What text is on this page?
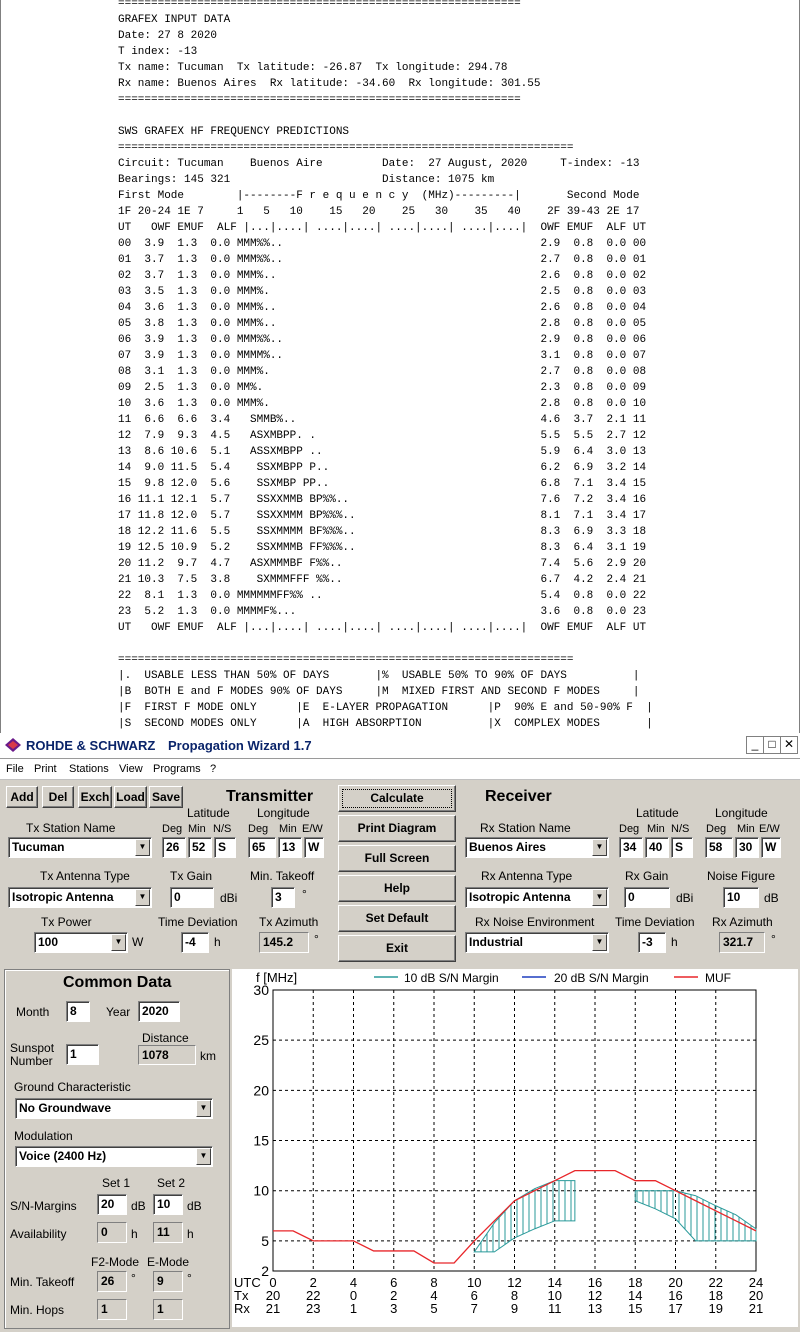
=============================================================
GRAFEX INPUT DATA
Date: 27 8 2020
T index: -13
Tx name: Tucuman  Tx latitude: -26.87  Tx longitude: 294.78
Rx name: Buenos Aires  Rx latitude: -34.60  Rx longitude: 301.55
=============================================================

SWS GRAFEX HF FREQUENCY PREDICTIONS
=====================================================================
Circuit: Tucuman    Buenos Aire         Date:  27 August, 2020     T-index: -13
Bearings: 145 321                       Distance: 1075 km
First Mode        |--------F r e q u e n c y  (MHz)---------|       Second Mode
1F 20-24 1E 7     1   5   10    15   20    25   30    35   40    2F 39-43 2E 17
UT   OWF EMUF  ALF |...|....| ....|....| ....|....| ....|....|  OWF EMUF  ALF UT
00  3.9  1.3  0.0 MMM%%..                                       2.9  0.8  0.0 00
01  3.7  1.3  0.0 MMM%%..                                       2.7  0.8  0.0 01
02  3.7  1.3  0.0 MMM%..                                        2.6  0.8  0.0 02
03  3.5  1.3  0.0 MMM%.                                         2.5  0.8  0.0 03
04  3.6  1.3  0.0 MMM%..                                        2.6  0.8  0.0 04
05  3.8  1.3  0.0 MMM%..                                        2.8  0.8  0.0 05
06  3.9  1.3  0.0 MMM%%..                                       2.9  0.8  0.0 06
07  3.9  1.3  0.0 MMMM%..                                       3.1  0.8  0.0 07
08  3.1  1.3  0.0 MMM%.                                         2.7  0.8  0.0 08
09  2.5  1.3  0.0 MM%.                                          2.3  0.8  0.0 09
10  3.6  1.3  0.0 MMM%.                                         2.8  0.8  0.0 10
11  6.6  6.6  3.4   SMMB%..                                     4.6  3.7  2.1 11
12  7.9  9.3  4.5   ASXMBPP. .                                  5.5  5.5  2.7 12
13  8.6 10.6  5.1   ASSXMBPP ..                                 5.9  6.4  3.0 13
14  9.0 11.5  5.4    SSXMBPP P..                                6.2  6.9  3.2 14
15  9.8 12.0  5.6    SSXMBP PP..                                6.8  7.1  3.4 15
16 11.1 12.1  5.7    SSXXMMB BP%%..                             7.6  7.2  3.4 16
17 11.8 12.0  5.7    SSXXMMM BP%%%..                            8.1  7.1  3.4 17
18 12.2 11.6  5.5    SSXMMMM BF%%%..                            8.3  6.9  3.3 18
19 12.5 10.9  5.2    SSXMMMB FF%%%..                            8.3  6.4  3.1 19
20 11.2  9.7  4.7   ASXMMMBF F%%..                              7.4  5.6  2.9 20
21 10.3  7.5  3.8    SXMMMFFF %%..                              6.7  4.2  2.4 21
22  8.1  1.3  0.0 MMMMMMFF%% ..                                 5.4  0.8  0.0 22
23  5.2  1.3  0.0 MMMMF%...                                     3.6  0.8  0.0 23
UT   OWF EMUF  ALF |...|....| ....|....| ....|....| ....|....|  OWF EMUF  ALF UT

=====================================================================
|.  USABLE LESS THAN 50% OF DAYS       |%  USABLE 50% TO 90% OF DAYS          |
|B  BOTH E and F MODES 90% OF DAYS     |M  MIXED FIRST AND SECOND F MODES     |
|F  FIRST F MODE ONLY      |E  E-LAYER PROPAGATION      |P  90% E and 50-90% F  |
|S  SECOND MODES ONLY      |A  HIGH ABSORPTION          |X  COMPLEX MODES       |

ROHDE & SCHWARZ Propagation Wizard 1.7	_ □ ✕
File Print Stations View Programs ?
Add	Del	Exch Load Save	Transmitter
Latitude Longitude
Tx Station Name	Deg Min N/S Deg Min E/W
Tucuman	▼	26	52	S	65	13	W
Tx Antenna Type	Tx Gain	Min. Takeoff
Isotropic Antenna	▼	0	dBi	3	°
Tx Power	Time Deviation Tx Azimuth
100	▼ W	-4	h	145.2	°
Calculate
Print Diagram
Full Screen
Help
Set Default
Exit
Receiver
Latitude	Longitude
Rx Station Name	Deg Min N/S Deg Min E/W
Buenos Aires	▼	34	40	S	58	30	W
Rx Antenna Type	Rx Gain	Noise Figure
Isotropic Antenna	▼	0	dBi	10	dB
Rx Noise Environment Time Deviation Rx Azimuth
Industrial	▼	-3	h	321.7	°
Common Data
Month	8	Year 2020
Distance
Sunspot
Number	1	1078	km
Ground Characteristic
No Groundwave	▼
Modulation
Voice (2400 Hz)	▼
Set 1 Set 2
S/N-Margins	20	dB 10	dB
Availability	0	h	11	h
F2-Mode E-Mode
Min. Takeoff	26	°	9	°
Min. Hops	1	1
2
5
10
15
20
25
30
f [MHz]
UTC 0	2	4	6	8 10 12 14 16 18 20 22 24
Tx 20 22 0	2	4	6	8 10 12 14 16 18 20
Rx 21 23 1	3	5	7	9 11 13 15 17 19 21
10 dB S/N Margin	20 dB S/N Margin	MUF
